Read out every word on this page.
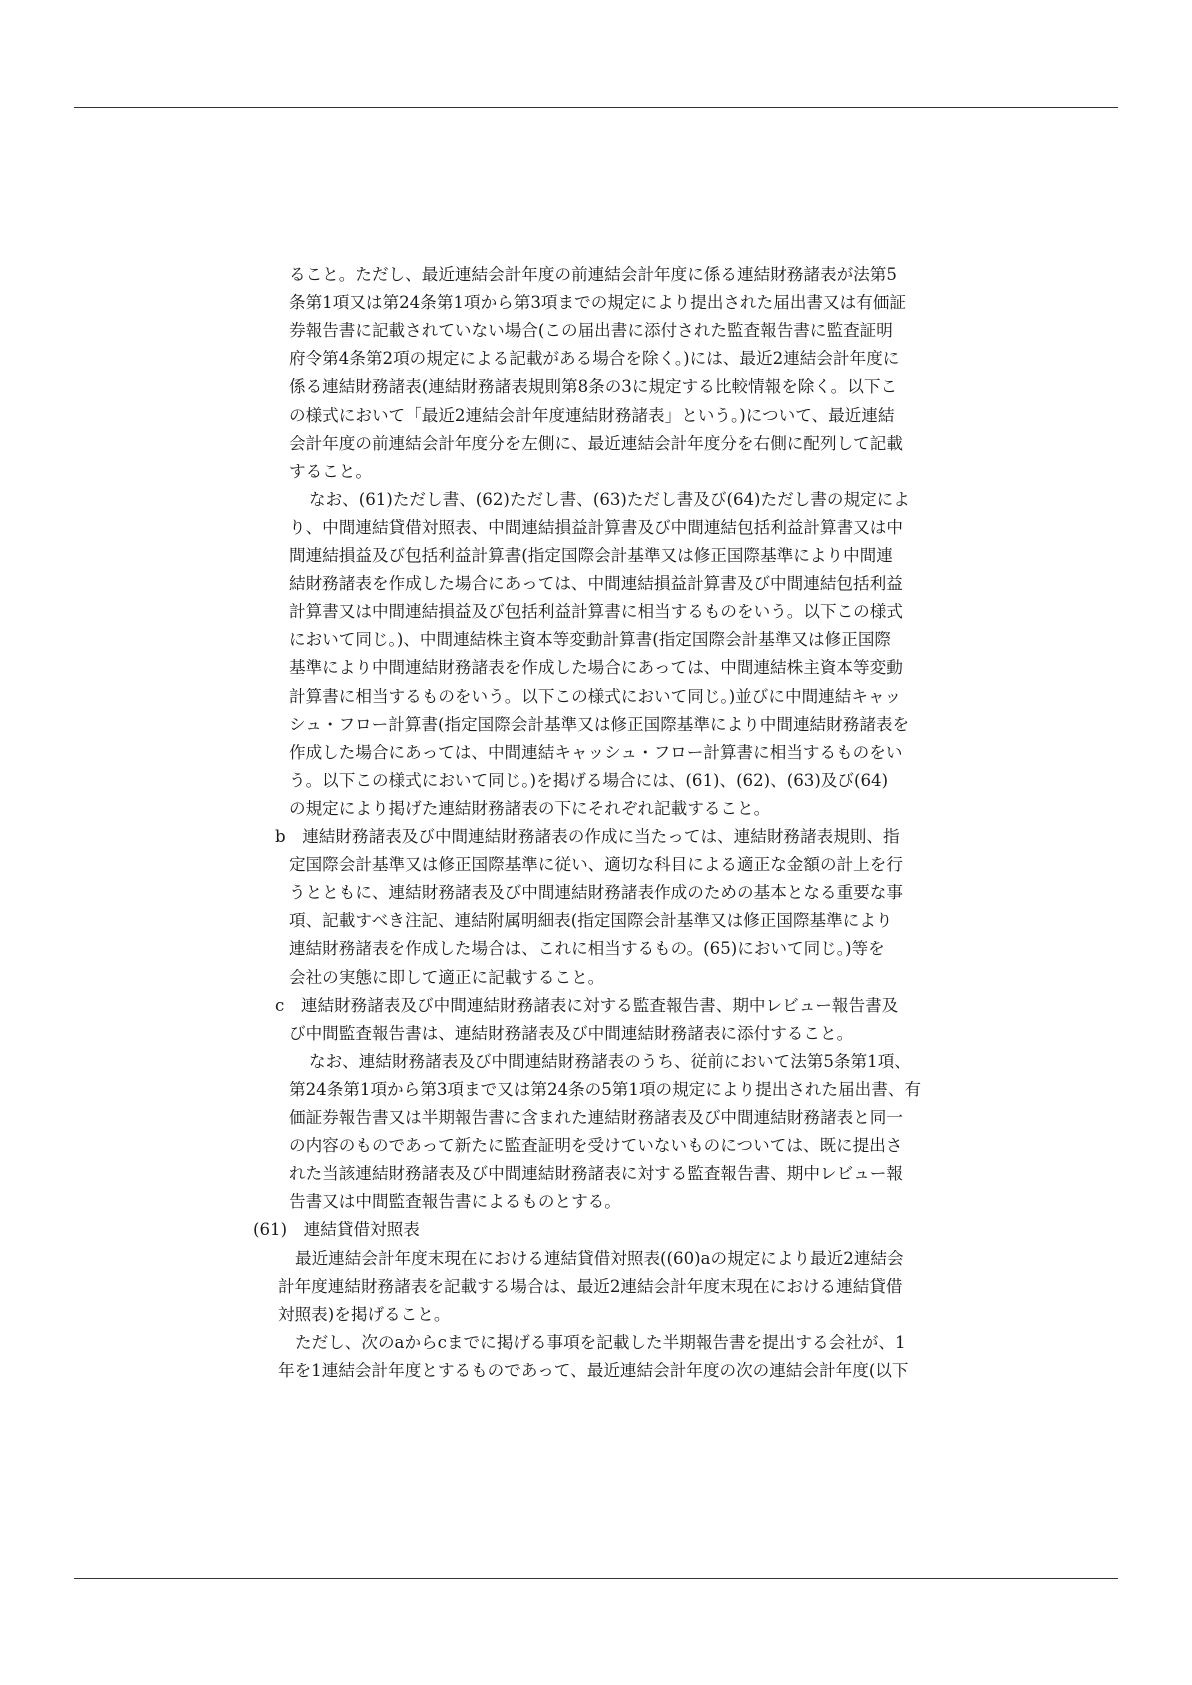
ること。ただし、最近連結会計年度の前連結会計年度に係る連結財務諸表が法第5
条第1項又は第24条第1項から第3項までの規定により提出された届出書又は有価証
券報告書に記載されていない場合(この届出書に添付された監査報告書に監査証明
府令第4条第2項の規定による記載がある場合を除く。)には、最近2連結会計年度に
係る連結財務諸表(連結財務諸表規則第8条の3に規定する比較情報を除く。以下こ
の様式において「最近2連結会計年度連結財務諸表」という。)について、最近連結
会計年度の前連結会計年度分を左側に、最近連結会計年度分を右側に配列して記載
すること。
なお、(61)ただし書、(62)ただし書、(63)ただし書及び(64)ただし書の規定によ
り、中間連結貸借対照表、中間連結損益計算書及び中間連結包括利益計算書又は中
間連結損益及び包括利益計算書(指定国際会計基準又は修正国際基準により中間連
結財務諸表を作成した場合にあっては、中間連結損益計算書及び中間連結包括利益
計算書又は中間連結損益及び包括利益計算書に相当するものをいう。以下この様式
において同じ。)、中間連結株主資本等変動計算書(指定国際会計基準又は修正国際
基準により中間連結財務諸表を作成した場合にあっては、中間連結株主資本等変動
計算書に相当するものをいう。以下この様式において同じ。)並びに中間連結キャッ
シュ・フロー計算書(指定国際会計基準又は修正国際基準により中間連結財務諸表を
作成した場合にあっては、中間連結キャッシュ・フロー計算書に相当するものをい
う。以下この様式において同じ。)を掲げる場合には、(61)、(62)、(63)及び(64)
の規定により掲げた連結財務諸表の下にそれぞれ記載すること。
b　連結財務諸表及び中間連結財務諸表の作成に当たっては、連結財務諸表規則、指
定国際会計基準又は修正国際基準に従い、適切な科目による適正な金額の計上を行
うとともに、連結財務諸表及び中間連結財務諸表作成のための基本となる重要な事
項、記載すべき注記、連結附属明細表(指定国際会計基準又は修正国際基準により
連結財務諸表を作成した場合は、これに相当するもの。(65)において同じ。)等を
会社の実態に即して適正に記載すること。
c　連結財務諸表及び中間連結財務諸表に対する監査報告書、期中レビュー報告書及
び中間監査報告書は、連結財務諸表及び中間連結財務諸表に添付すること。
なお、連結財務諸表及び中間連結財務諸表のうち、従前において法第5条第1項、
第24条第1項から第3項まで又は第24条の5第1項の規定により提出された届出書、有
価証券報告書又は半期報告書に含まれた連結財務諸表及び中間連結財務諸表と同一
の内容のものであって新たに監査証明を受けていないものについては、既に提出さ
れた当該連結財務諸表及び中間連結財務諸表に対する監査報告書、期中レビュー報
告書又は中間監査報告書によるものとする。
(61)　連結貸借対照表
最近連結会計年度末現在における連結貸借対照表((60)aの規定により最近2連結会
計年度連結財務諸表を記載する場合は、最近2連結会計年度末現在における連結貸借
対照表)を掲げること。
ただし、次のaからcまでに掲げる事項を記載した半期報告書を提出する会社が、1
年を1連結会計年度とするものであって、最近連結会計年度の次の連結会計年度(以下
